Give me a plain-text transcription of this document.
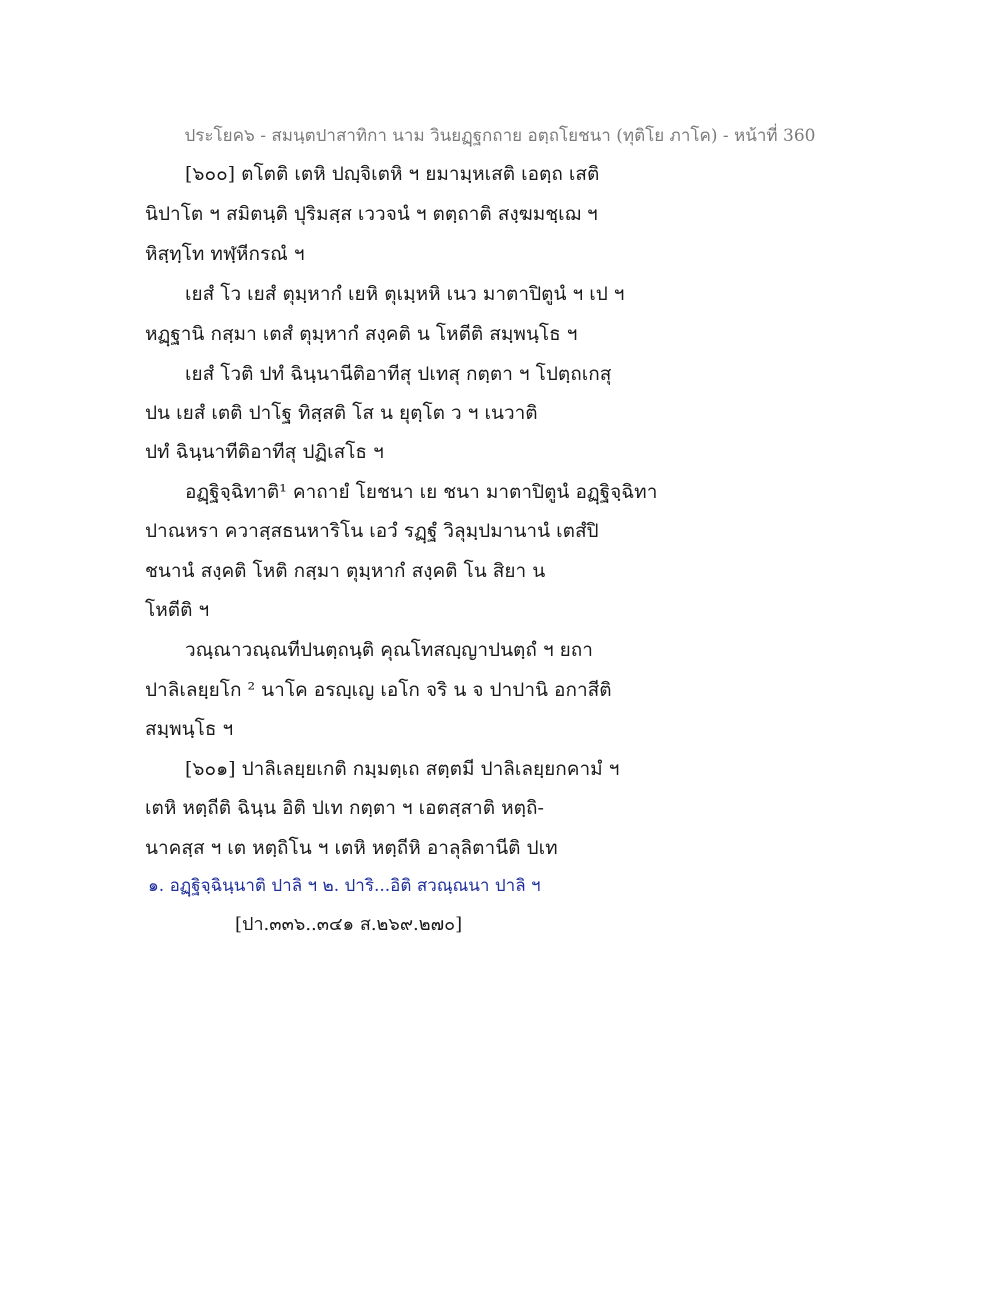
ประโยค๖ - สมนฺตปาสาทิกา นาม วินยฏฺฐกถาย อตฺถโยชนา (ทุติโย ภาโค) - หน้าที่ 360
[๖๐๐] ตโตติ เตหิ ปญฺจิเตหิ ฯ ยมามฺหเสติ เอตฺถ เสติ
นิปาโต ฯ สมิตนฺติ ปุริมสฺส เววจนํ ฯ ตตฺถาติ สงฺฆมชฺเฌ ฯ
หิสฺทฺโท ทฬฺหีกรณํ ฯ
เยสํ โว เยสํ ตุมฺหากํ เยหิ ตุเมฺหหิ เนว มาตาปิตูนํ ฯ เป ฯ
หฏฺฐานิ กสฺมา เตสํ ตุมฺหากํ สงฺคติ น โหตีติ สมฺพนฺโธ ฯ
เยสํ โวติ ปทํ ฉินฺนานีติอาทีสุ ปเทสุ กตฺตา ฯ โปตฺถเกสุ
ปน เยสํ เตติ ปาโฐ ทิสฺสติ โส น ยุตฺโต ว ฯ เนวาติ
ปทํ ฉินฺนาทีติอาทีสุ ปฏิเสโธ ฯ
อฏฺฐิจฺฉิทาติ¹ คาถายํ โยชนา เย ชนา มาตาปิตูนํ อฏฺฐิจฺฉิทา
ปาณหรา ควาสฺสธนหาริโน เอวํ รฏฺฐํ วิลุมฺปมานานํ เตสํปิ
ชนานํ สงฺคติ โหติ กสฺมา ตุมฺหากํ สงฺคติ โน สิยา น
โหตีติ ฯ
วณฺณาวณฺณทีปนตฺถนฺติ คุณโทสญฺญาปนตฺถํ ฯ ยถา
ปาลิเลยฺยโก ² นาโค อรญฺเญ เอโก จริ น จ ปาปานิ อกาสีติ
สมฺพนฺโธ ฯ
[๖๐๑] ปาลิเลยฺยเกติ กมฺมตฺเถ สตฺตมี ปาลิเลยฺยกคามํ ฯ
เตหิ หตฺถีติ ฉินฺน อิติ ปเท กตฺตา ฯ เอตสฺสาติ หตฺถิ-
นาคสฺส ฯ เต หตฺถิโน ฯ เตหิ หตฺถีหิ อาลุลิตานีติ ปเท
๑. อฏฺฐิจฺฉินฺนาติ ปาลิ ฯ ๒. ปาริ...อิติ สวณฺณนา ปาลิ ฯ
[ปา.๓๓๖..๓๔๑ ส.๒๖๙.๒๗๐]
